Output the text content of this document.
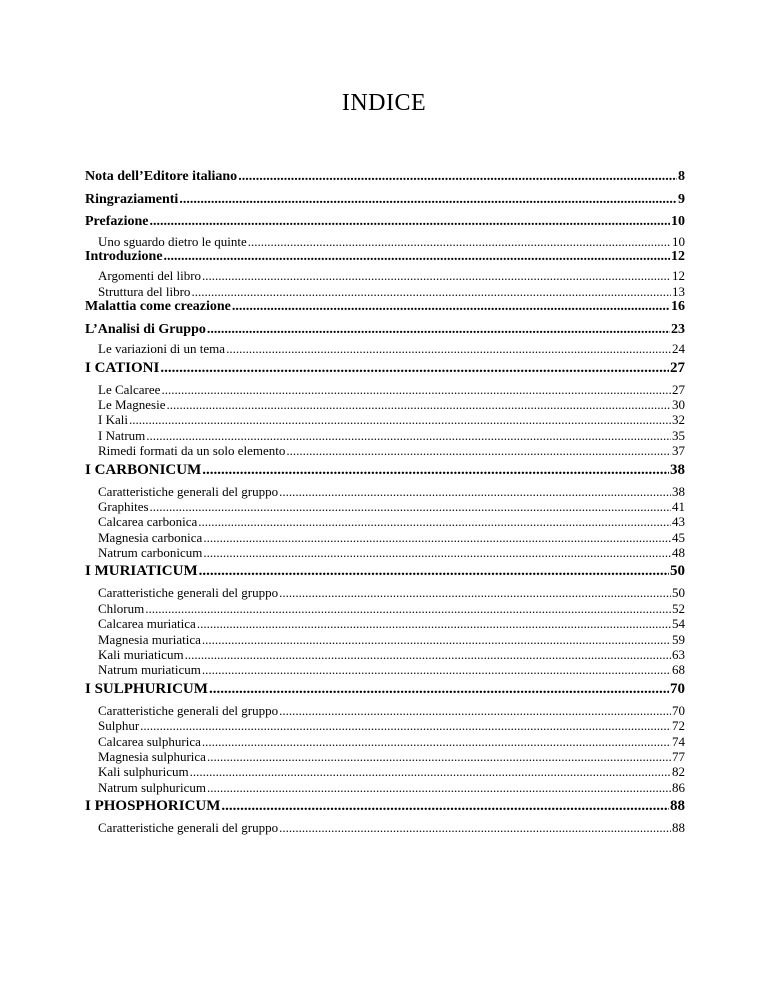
INDICE
Nota dell’Editore italiano .....	8
Ringraziamenti .....	9
Prefazione .....	10
Uno sguardo dietro le quinte .....	10
Introduzione .....	12
Argomenti del libro .....	12
Struttura del libro .....	13
Malattia come creazione .....	16
L’Analisi di Gruppo .....	23
Le variazioni di un tema .....	24
I CATIONI .....	27
Le Calcaree .....	27
Le Magnesie .....	30
I Kali .....	32
I Natrum .....	35
Rimedi formati da un solo elemento .....	37
I CARBONICUM .....	38
Caratteristiche generali del gruppo .....	38
Graphites .....	41
Calcarea carbonica .....	43
Magnesia carbonica .....	45
Natrum carbonicum .....	48
I MURIATICUM .....	50
Caratteristiche generali del gruppo .....	50
Chlorum .....	52
Calcarea muriatica .....	54
Magnesia muriatica .....	59
Kali muriaticum .....	63
Natrum muriaticum .....	68
I SULPHURICUM .....	70
Caratteristiche generali del gruppo .....	70
Sulphur .....	72
Calcarea sulphurica .....	74
Magnesia sulphurica .....	77
Kali sulphuricum .....	82
Natrum sulphuricum .....	86
I PHOSPHORICUM .....	88
Caratteristiche generali del gruppo .....	88
